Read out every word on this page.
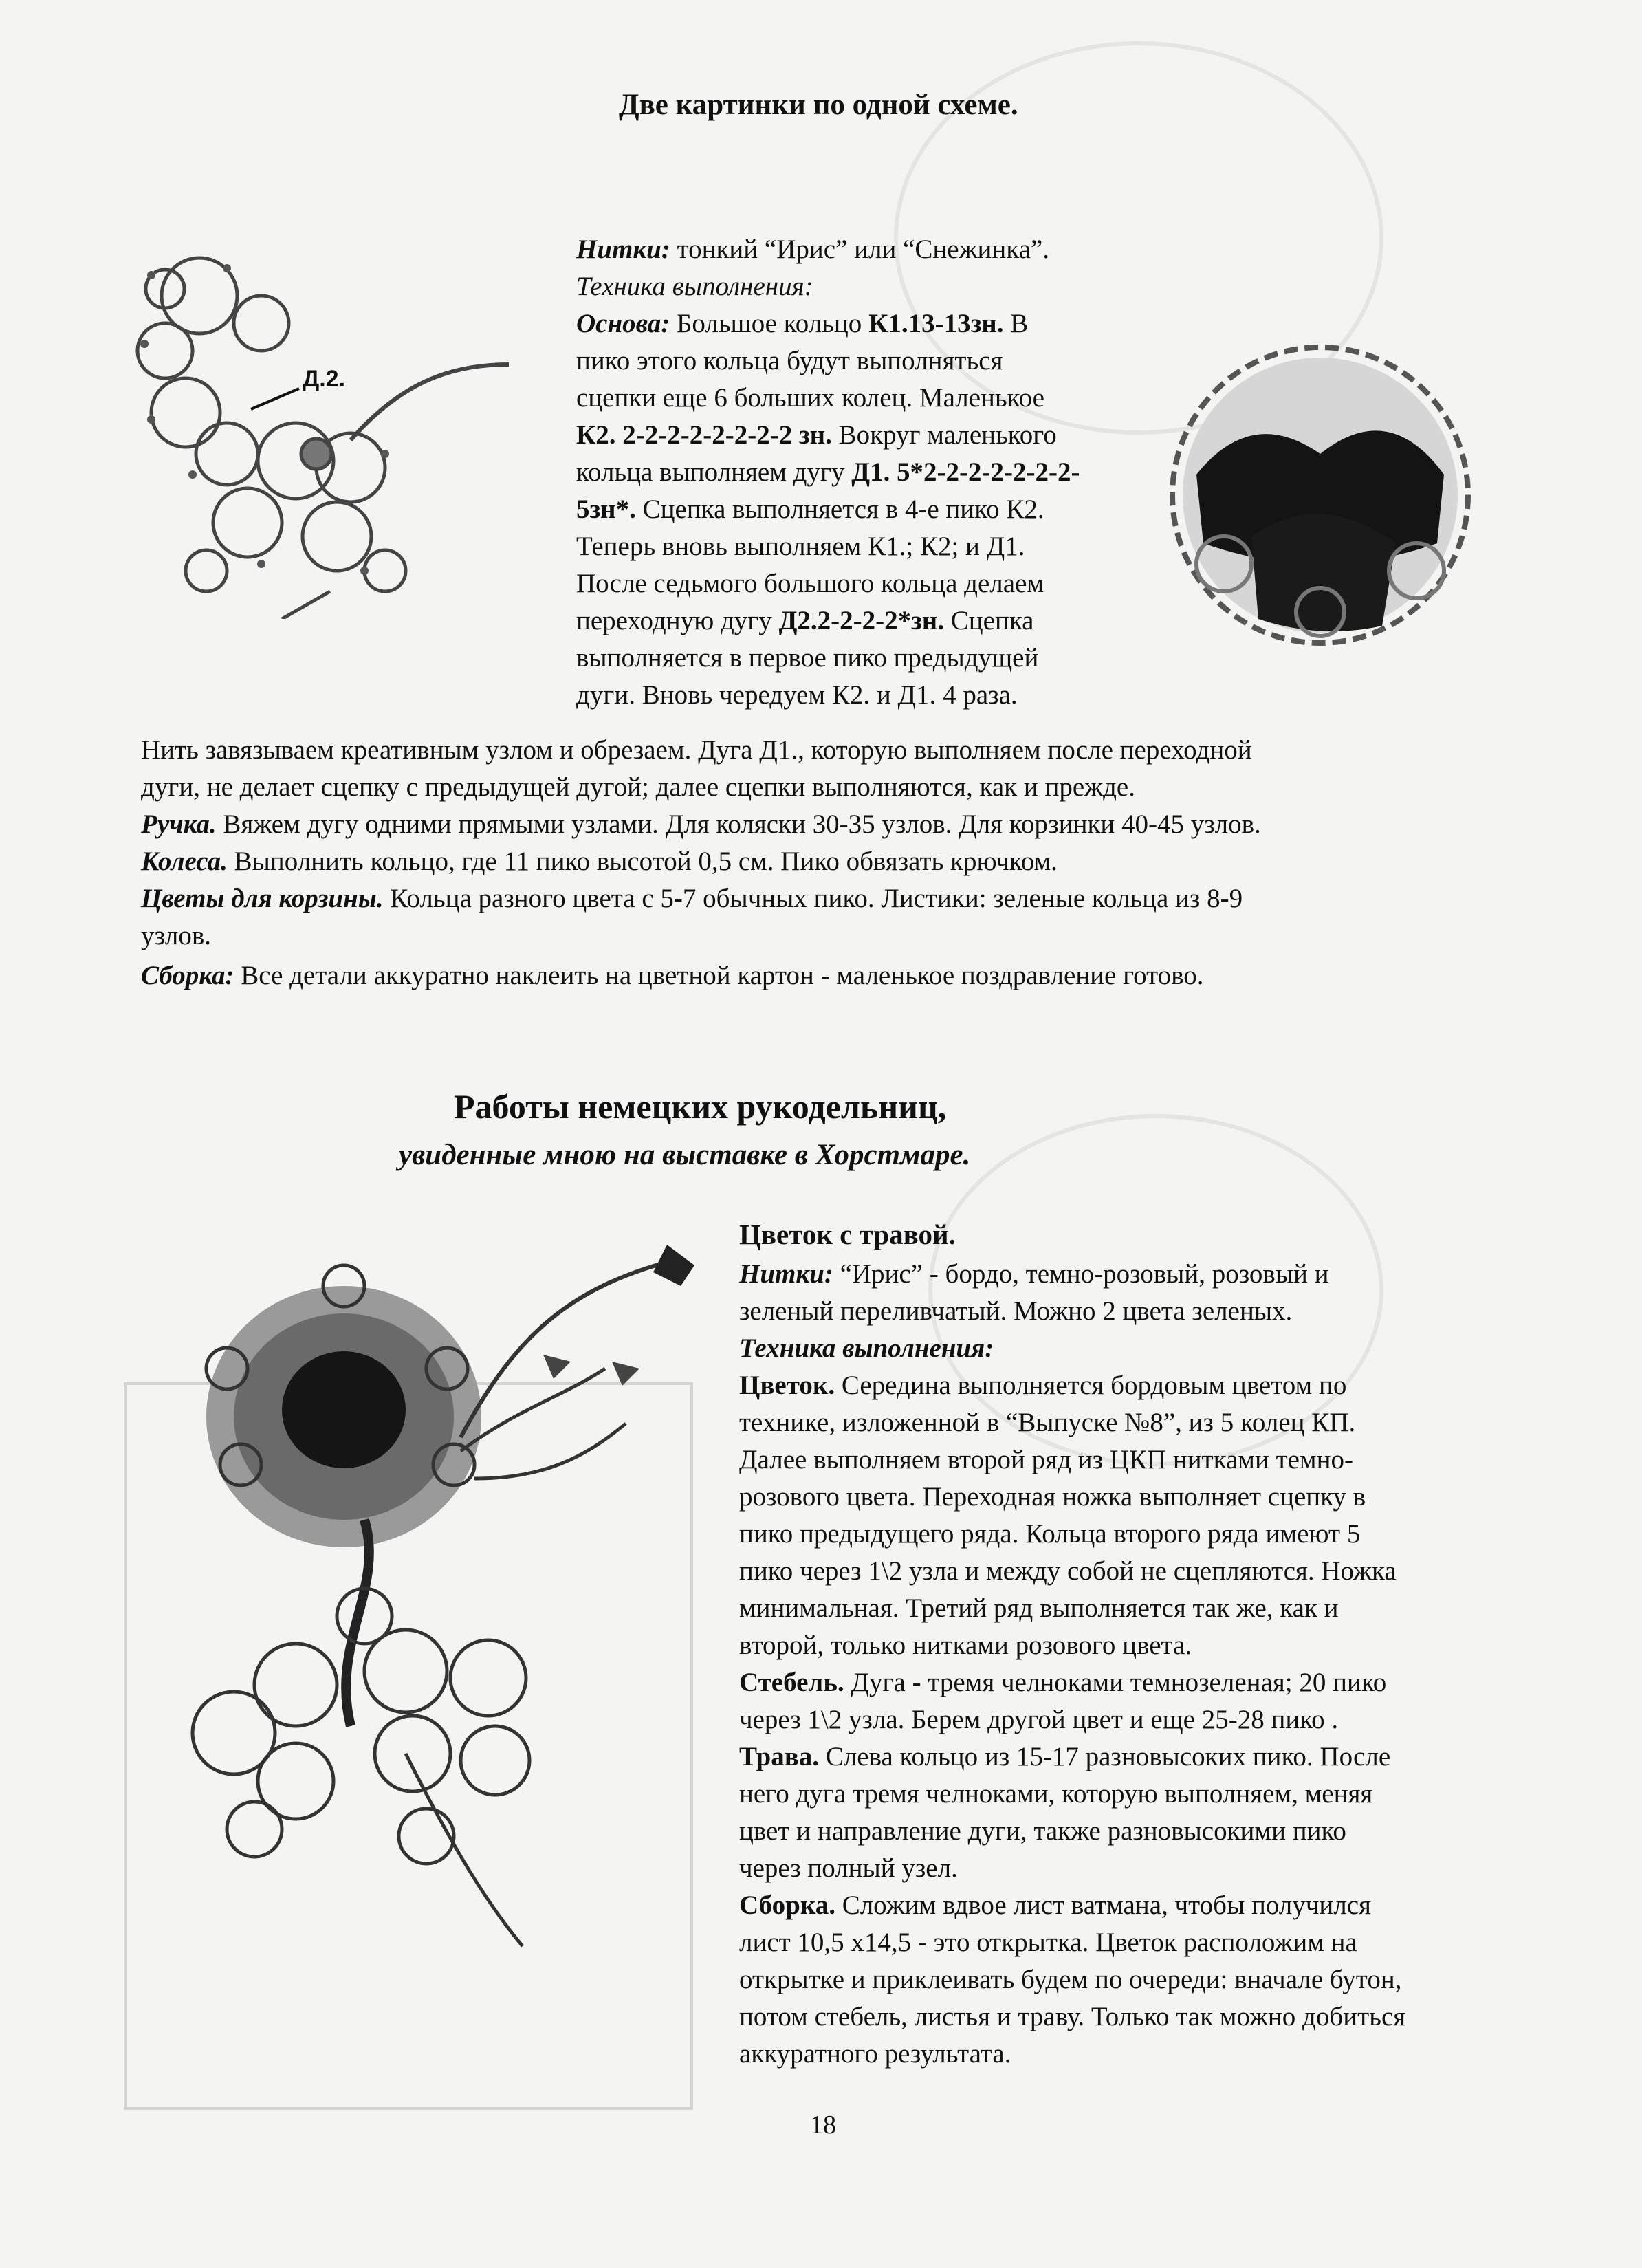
Две картинки по одной схеме.
Д.2.

Нитки: тонкий “Ирис” или “Снежинка”.

Техника выполнения:

Основа: Большое кольцо К1.13-13зн. В

пико этого кольца будут выполняться

сцепки еще 6 больших колец. Маленькое

К2. 2-2-2-2-2-2-2-2 зн. Вокруг маленького

кольца выполняем дугу Д1. 5*2-2-2-2-2-2-2-

5зн*. Сцепка выполняется в 4-е пико К2.

Теперь вновь выполняем К1.; К2; и Д1.

После седьмого большого кольца делаем

переходную дугу Д2.2-2-2-2*зн. Сцепка

выполняется в первое пико предыдущей

дуги. Вновь чередуем К2. и Д1. 4 раза.

Нить завязываем креативным узлом и обрезаем. Дуга Д1., которую выполняем после переходной

дуги, не делает сцепку с предыдущей дугой; далее сцепки выполняются, как и прежде.

Ручка. Вяжем дугу одними прямыми узлами. Для коляски 30-35 узлов. Для корзинки 40-45 узлов.

Колеса. Выполнить кольцо, где 11 пико высотой 0,5 см. Пико обвязать крючком.

Цветы для корзины. Кольца разного цвета с 5-7 обычных пико. Листики: зеленые кольца из 8-9

узлов.

Сборка: Все детали аккуратно наклеить на цветной картон - маленькое поздравление готово.

Работы немецких рукодельниц,
увиденные мною на выставке в Хорстмаре.

Цветок с травой.

Нитки: “Ирис” - бордо, темно-розовый, розовый и

зеленый переливчатый. Можно 2 цвета зеленых.

Техника выполнения:

Цветок. Середина выполняется бордовым цветом по

технике, изложенной в “Выпуске №8”, из 5 колец КП.

Далее выполняем второй ряд из ЦКП нитками темно-

розового цвета. Переходная ножка выполняет сцепку в

пико предыдущего ряда. Кольца второго ряда имеют 5

пико через 1\2 узла и между собой не сцепляются. Ножка

минимальная. Третий ряд выполняется так же, как и

второй, только нитками розового цвета.

Стебель. Дуга - тремя челноками темнозеленая; 20 пико

через 1\2 узла. Берем другой цвет и еще 25-28 пико .

Трава. Слева кольцо из 15-17 разновысоких пико. После

него дуга тремя челноками, которую выполняем, меняя

цвет и направление дуги, также разновысокими пико

через полный узел.

Сборка. Сложим вдвое лист ватмана, чтобы получился

лист 10,5 х14,5 - это открытка. Цветок расположим на

открытке и приклеивать будем по очереди: вначале бутон,

потом стебель, листья и траву. Только так можно добиться

аккуратного результата.

18
